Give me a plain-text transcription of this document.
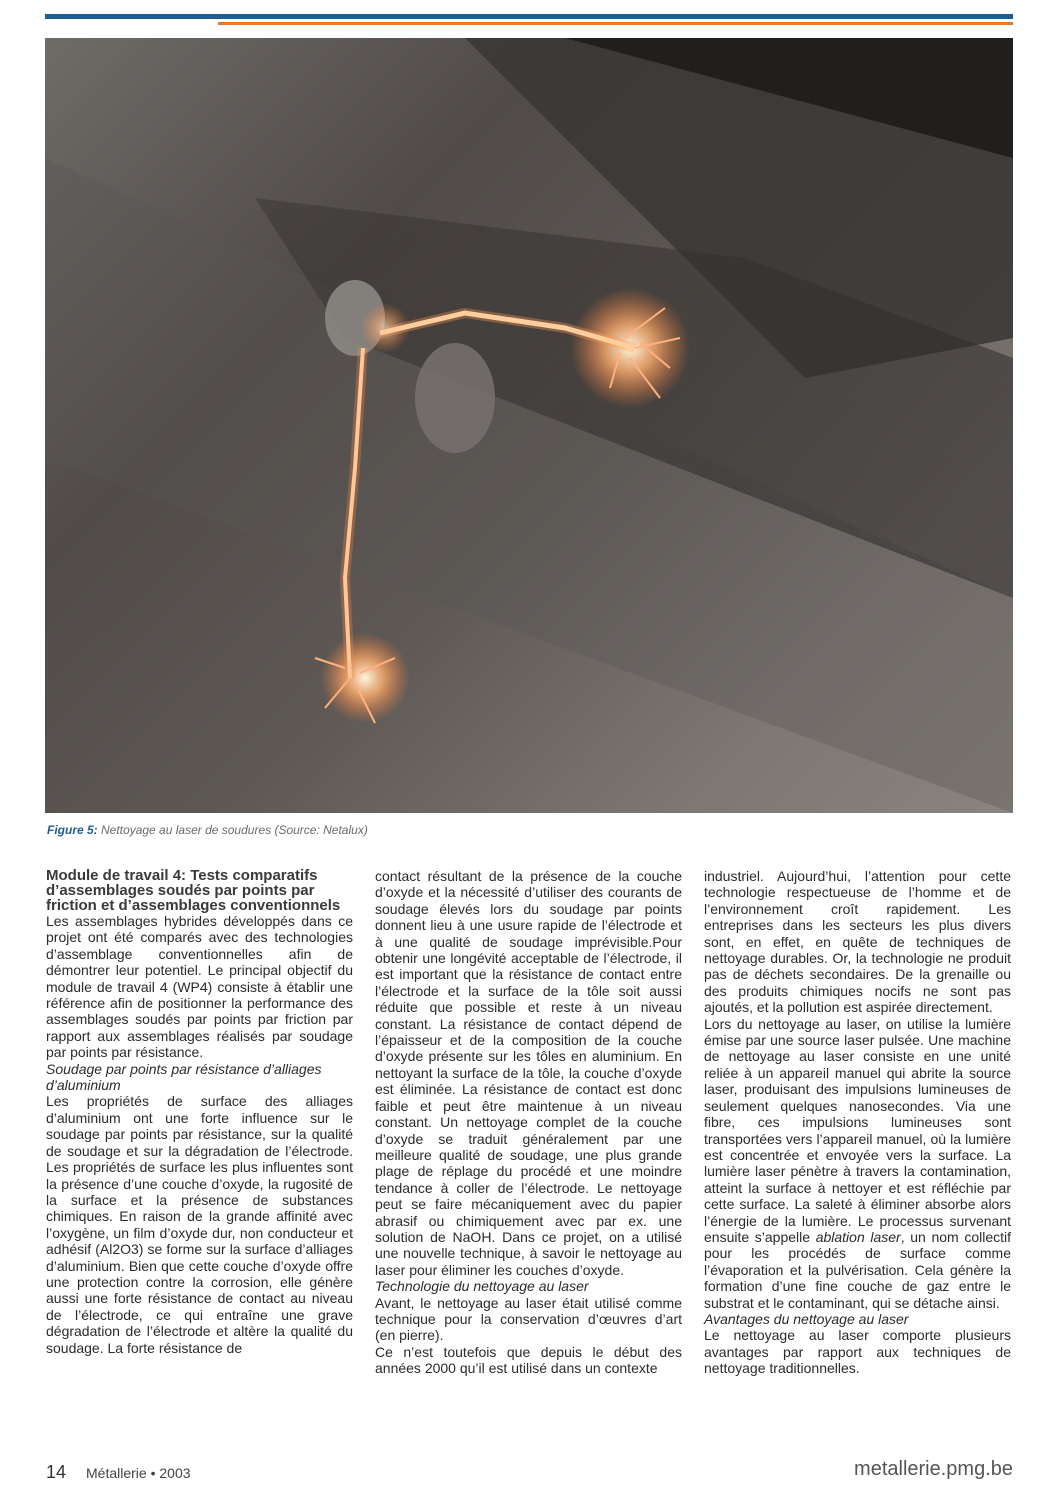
Figure 5: Nettoyage au laser de soudures (Source: Netalux)

Module de travail 4: Tests comparatifs d’assemblages soudés par points par friction et d’assemblages conventionnels

Les assemblages hybrides développés dans ce projet ont été comparés avec des technologies d’assemblage conventionnelles afin de démontrer leur potentiel. Le principal objectif du module de travail 4 (WP4) consiste à établir une référence afin de positionner la performance des assemblages soudés par points par friction par rapport aux assemblages réalisés par soudage par points par résistance.

Soudage par points par résistance d’alliages d’aluminium

Les propriétés de surface des alliages d’aluminium ont une forte influence sur le soudage par points par résistance, sur la qualité de soudage et sur la dégradation de l’électrode. Les propriétés de surface les plus influentes sont la présence d’une couche d’oxyde, la rugosité de la surface et la présence de substances chimiques. En raison de la grande affinité avec l’oxygène, un film d’oxyde dur, non conducteur et adhésif (Al2O3) se forme sur la surface d’alliages d’aluminium. Bien que cette couche d’oxyde offre une protection contre la corrosion, elle génère aussi une forte résistance de contact au niveau de l’électrode, ce qui entraîne une grave dégradation de l’électrode et altère la qualité du soudage. La forte résistance de

contact résultant de la présence de la couche d’oxyde et la nécessité d’utiliser des courants de soudage élevés lors du soudage par points donnent lieu à une usure rapide de l’électrode et à une qualité de soudage imprévisible.Pour obtenir une longévité acceptable de l’électrode, il est important que la résistance de contact entre l’électrode et la surface de la tôle soit aussi réduite que possible et reste à un niveau constant. La résistance de contact dépend de l’épaisseur et de la composition de la couche d’oxyde présente sur les tôles en aluminium. En nettoyant la surface de la tôle, la couche d’oxyde est éliminée. La résistance de contact est donc faible et peut être maintenue à un niveau constant. Un nettoyage complet de la couche d’oxyde se traduit généralement par une meilleure qualité de soudage, une plus grande plage de réplage du procédé et une moindre tendance à coller de l’électrode. Le nettoyage peut se faire mécaniquement avec du papier abrasif ou chimiquement avec par ex. une solution de NaOH. Dans ce projet, on a utilisé une nouvelle technique, à savoir le nettoyage au laser pour éliminer les couches d’oxyde.

Technologie du nettoyage au laser

Avant, le nettoyage au laser était utilisé comme technique pour la conservation d’œuvres d’art (en pierre).

Ce n’est toutefois que depuis le début des années 2000 qu’il est utilisé dans un contexte

industriel. Aujourd’hui, l’attention pour cette technologie respectueuse de l’homme et de l’environnement croît rapidement. Les entreprises dans les secteurs les plus divers sont, en effet, en quête de techniques de nettoyage durables. Or, la technologie ne produit pas de déchets secondaires. De la grenaille ou des produits chimiques nocifs ne sont pas ajoutés, et la pollution est aspirée directement.

Lors du nettoyage au laser, on utilise la lumière émise par une source laser pulsée. Une machine de nettoyage au laser consiste en une unité reliée à un appareil manuel qui abrite la source laser, produisant des impulsions lumineuses de seulement quelques nanosecondes. Via une fibre, ces impulsions lumineuses sont transportées vers l’appareil manuel, où la lumière est concentrée et envoyée vers la surface. La lumière laser pénètre à travers la contamination, atteint la surface à nettoyer et est réfléchie par cette surface. La saleté à éliminer absorbe alors l’énergie de la lumière. Le processus survenant ensuite s’appelle ablation laser, un nom collectif pour les procédés de surface comme l’évaporation et la pulvérisation. Cela génère la formation d’une fine couche de gaz entre le substrat et le contaminant, qui se détache ainsi.

Avantages du nettoyage au laser

Le nettoyage au laser comporte plusieurs avantages par rapport aux techniques de nettoyage traditionnelles.

14 Métallerie • 2003	metallerie.pmg.be
